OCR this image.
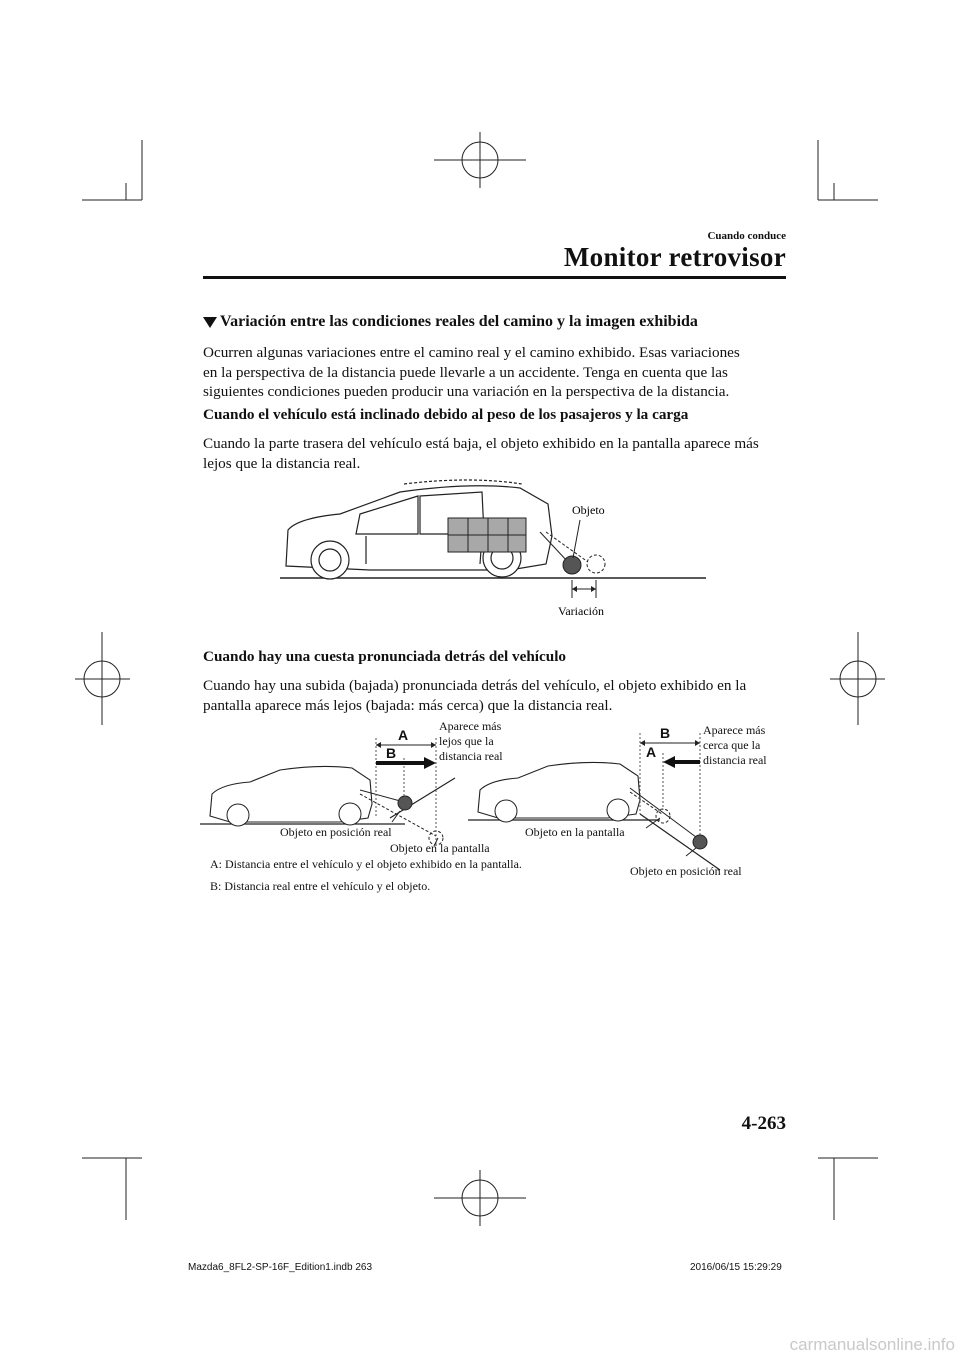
Cuando conduce
Monitor retrovisor
Variación entre las condiciones reales del camino y la imagen exhibida
Ocurren algunas variaciones entre el camino real y el camino exhibido. Esas variaciones
en la perspectiva de la distancia puede llevarle a un accidente. Tenga en cuenta que las
siguientes condiciones pueden producir una variación en la perspectiva de la distancia.
Cuando el vehículo está inclinado debido al peso de los pasajeros y la carga
Cuando la parte trasera del vehículo está baja, el objeto exhibido en la pantalla aparece más
lejos que la distancia real.
Objeto
Variación
Cuando hay una cuesta pronunciada detrás del vehículo
Cuando hay una subida (bajada) pronunciada detrás del vehículo, el objeto exhibido en la
pantalla aparece más lejos (bajada: más cerca) que la distancia real.
A
B
Aparece más
lejos que la
distancia real
Objeto en posición real
Objeto en la pantalla
B
A
Aparece más
cerca que la
distancia real
Objeto en la pantalla
Objeto en posición real
A: Distancia entre el vehículo y el objeto exhibido en la pantalla.
B: Distancia real entre el vehículo y el objeto.
4-263
Mazda6_8FL2-SP-16F_Edition1.indb 263	2016/06/15 15:29:29
carmanualsonline.info
